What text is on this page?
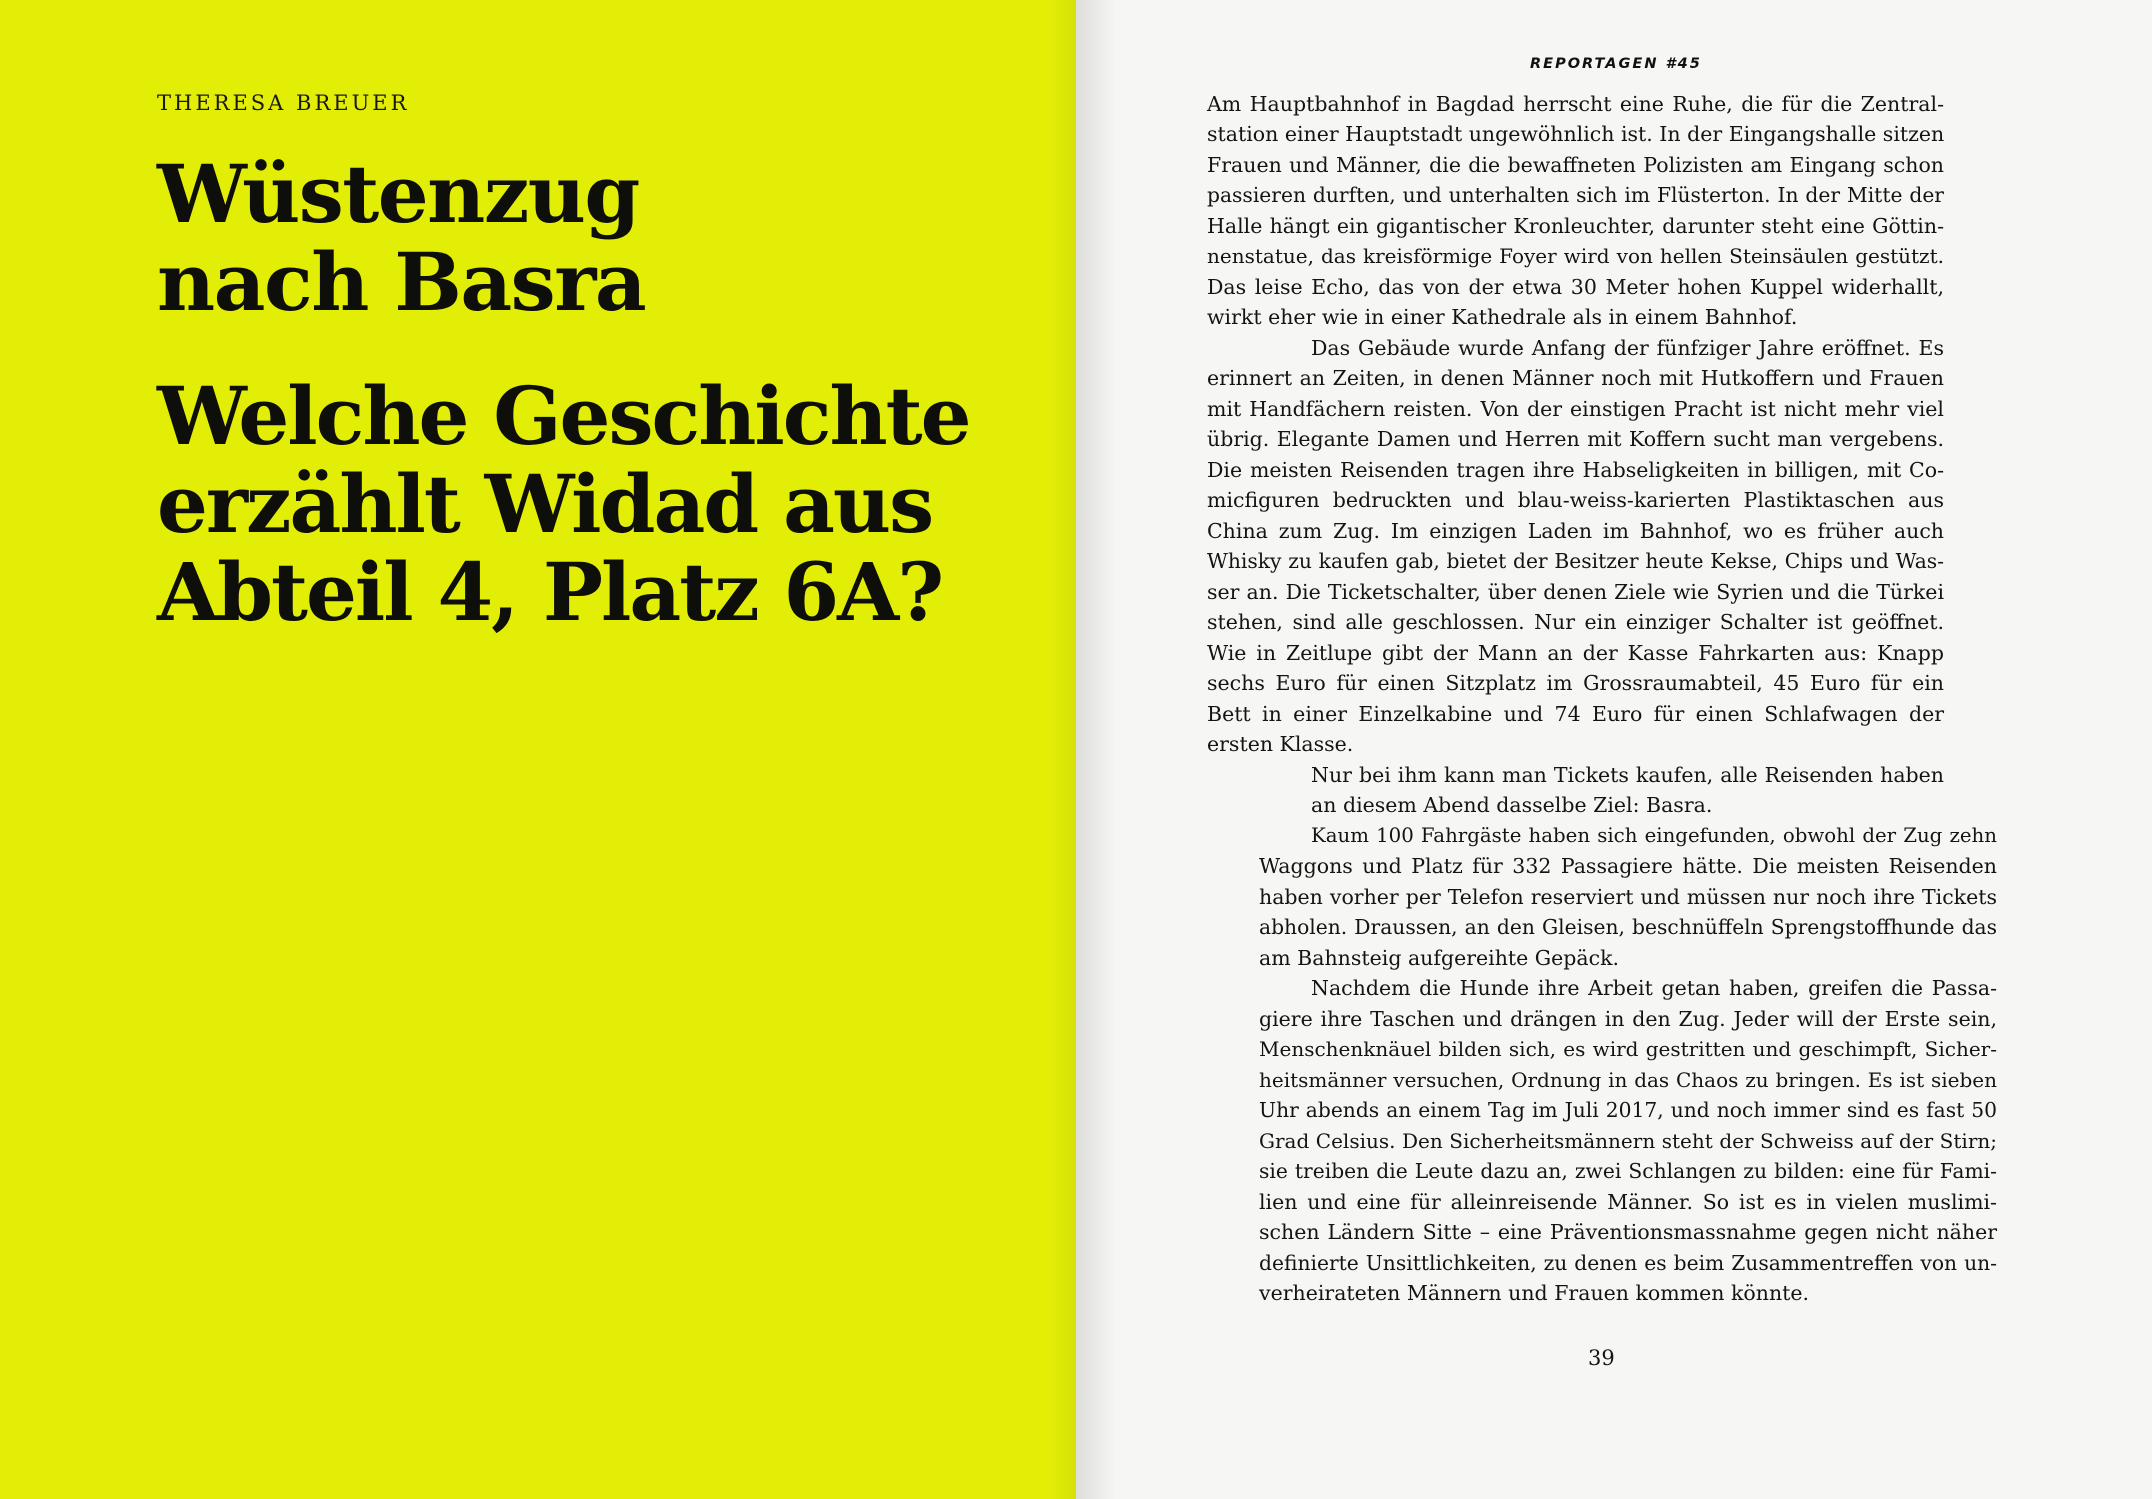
THERESA BREUER

Wüstenzug
nach Basra
Welche Geschichte
erzählt Widad aus
Abteil 4, Platz 6A?
REPORTAGEN #45
Am Hauptbahnhof in Bagdad herrscht eine Ruhe, die für die Zentral-
station einer Hauptstadt ungewöhnlich ist. In der Eingangshalle sitzen
Frauen und Männer, die die bewaffneten Polizisten am Eingang schon
passieren durften, und unterhalten sich im Flüsterton. In der Mitte der
Halle hängt ein gigantischer Kronleuchter, darunter steht eine Göttin-
nenstatue, das kreisförmige Foyer wird von hellen Steinsäulen gestützt.
Das leise Echo, das von der etwa 30 Meter hohen Kuppel widerhallt,
wirkt eher wie in einer Kathedrale als in einem Bahnhof.
Das Gebäude wurde Anfang der fünfziger Jahre eröffnet. Es
erinnert an Zeiten, in denen Männer noch mit Hutkoffern und Frauen
mit Handfächern reisten. Von der einstigen Pracht ist nicht mehr viel
übrig. Elegante Damen und Herren mit Koffern sucht man vergebens.
Die meisten Reisenden tragen ihre Habseligkeiten in billigen, mit Co-
micfiguren bedruckten und blau-weiss-karierten Plastiktaschen aus
China zum Zug. Im einzigen Laden im Bahnhof, wo es früher auch
Whisky zu kaufen gab, bietet der Besitzer heute Kekse, Chips und Was-
ser an. Die Ticketschalter, über denen Ziele wie Syrien und die Türkei
stehen, sind alle geschlossen. Nur ein einziger Schalter ist geöffnet.
Wie in Zeitlupe gibt der Mann an der Kasse Fahrkarten aus: Knapp
sechs Euro für einen Sitzplatz im Grossraumabteil, 45 Euro für ein
Bett in einer Einzelkabine und 74 Euro für einen Schlafwagen der
ersten Klasse.
Nur bei ihm kann man Tickets kaufen, alle Reisenden haben
an diesem Abend dasselbe Ziel: Basra.
Kaum 100 Fahrgäste haben sich eingefunden, obwohl der Zug zehn
Waggons und Platz für 332 Passagiere hätte. Die meisten Reisenden
haben vorher per Telefon reserviert und müssen nur noch ihre Tickets
abholen. Draussen, an den Gleisen, beschnüffeln Sprengstoffhunde das
am Bahnsteig aufgereihte Gepäck.
Nachdem die Hunde ihre Arbeit getan haben, greifen die Passa-
giere ihre Taschen und drängen in den Zug. Jeder will der Erste sein,
Menschenknäuel bilden sich, es wird gestritten und geschimpft, Sicher-
heitsmänner versuchen, Ordnung in das Chaos zu bringen. Es ist sieben
Uhr abends an einem Tag im Juli 2017, und noch immer sind es fast 50
Grad Celsius. Den Sicherheitsmännern steht der Schweiss auf der Stirn;
sie treiben die Leute dazu an, zwei Schlangen zu bilden: eine für Fami-
lien und eine für alleinreisende Männer. So ist es in vielen muslimi-
schen Ländern Sitte – eine Präventionsmassnahme gegen nicht näher
definierte Unsittlichkeiten, zu denen es beim Zusammentreffen von un-
verheirateten Männern und Frauen kommen könnte.
39
